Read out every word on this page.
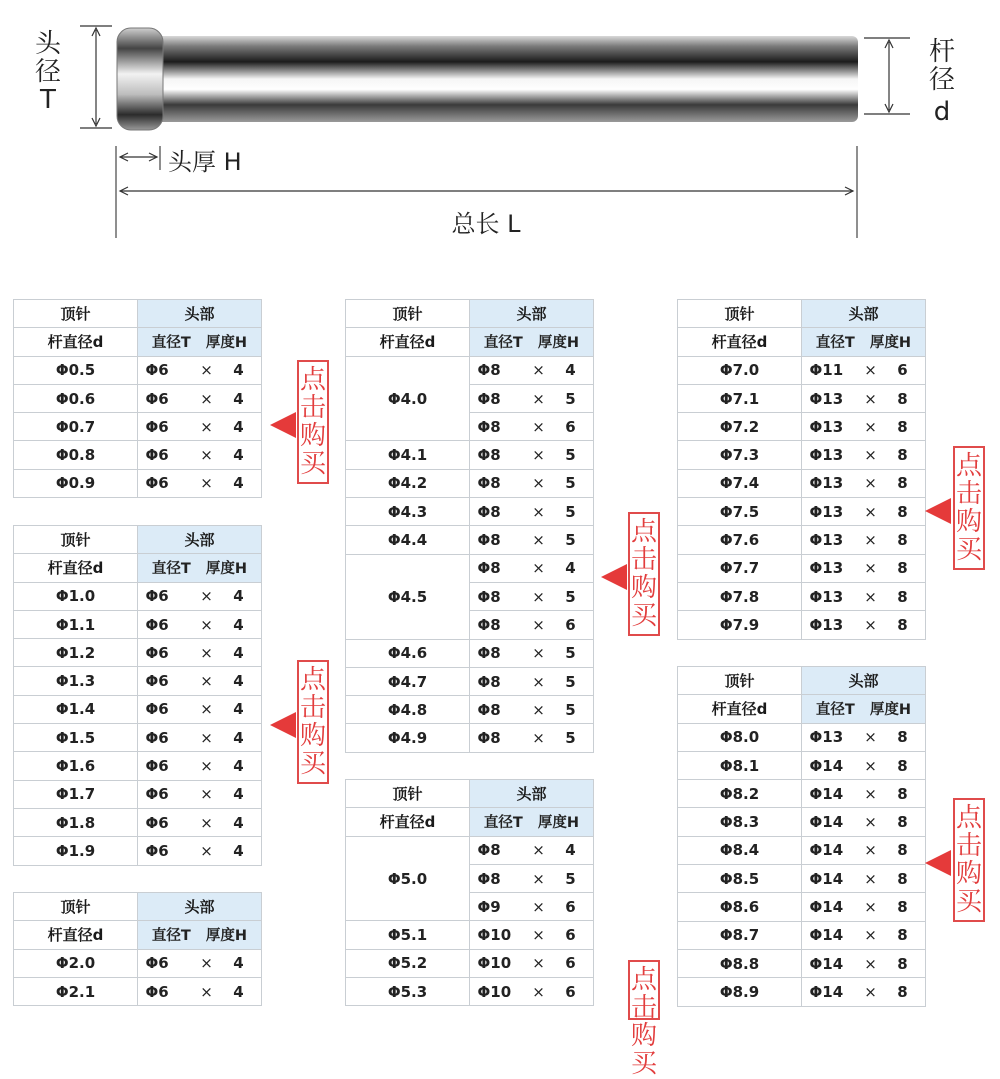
头
径
T
杆
径
d
头厚 H
总长 L
顶针	头部
杆直径d	直径T 厚度H
Φ0.5	Φ6 × 4
Φ0.6	Φ6 × 4
Φ0.7	Φ6 × 4
Φ0.8	Φ6 × 4
Φ0.9	Φ6 × 4
顶针	头部
杆直径d	直径T 厚度H
Φ1.0	Φ6 × 4
Φ1.1	Φ6 × 4
Φ1.2	Φ6 × 4
Φ1.3	Φ6 × 4
Φ1.4	Φ6 × 4
Φ1.5	Φ6 × 4
Φ1.6	Φ6 × 4
Φ1.7	Φ6 × 4
Φ1.8	Φ6 × 4
Φ1.9	Φ6 × 4
顶针	头部
杆直径d	直径T 厚度H
Φ2.0	Φ6 × 4
Φ2.1	Φ6 × 4
顶针	头部
杆直径d	直径T 厚度H
Φ4.0	Φ8 × 4
	Φ8 × 5
	Φ8 × 6
Φ4.1	Φ8 × 5
Φ4.2	Φ8 × 5
Φ4.3	Φ8 × 5
Φ4.4	Φ8 × 5
Φ4.5	Φ8 × 4
	Φ8 × 5
	Φ8 × 6
Φ4.6	Φ8 × 5
Φ4.7	Φ8 × 5
Φ4.8	Φ8 × 5
Φ4.9	Φ8 × 5
顶针	头部
杆直径d	直径T 厚度H
Φ5.0	Φ8 × 4
	Φ8 × 5
	Φ9 × 6
Φ5.1	Φ10 × 6
Φ5.2	Φ10 × 6
Φ5.3	Φ10 × 6
顶针	头部
杆直径d	直径T 厚度H
Φ7.0	Φ11 × 6
Φ7.1	Φ13 × 8
Φ7.2	Φ13 × 8
Φ7.3	Φ13 × 8
Φ7.4	Φ13 × 8
Φ7.5	Φ13 × 8
Φ7.6	Φ13 × 8
Φ7.7	Φ13 × 8
Φ7.8	Φ13 × 8
Φ7.9	Φ13 × 8
顶针	头部
杆直径d	直径T 厚度H
Φ8.0	Φ13 × 8
Φ8.1	Φ14 × 8
Φ8.2	Φ14 × 8
Φ8.3	Φ14 × 8
Φ8.4	Φ14 × 8
Φ8.5	Φ14 × 8
Φ8.6	Φ14 × 8
Φ8.7	Φ14 × 8
Φ8.8	Φ14 × 8
Φ8.9	Φ14 × 8
点击购买
点击购买
点击购买
点击购买
点击购买
点击购买
